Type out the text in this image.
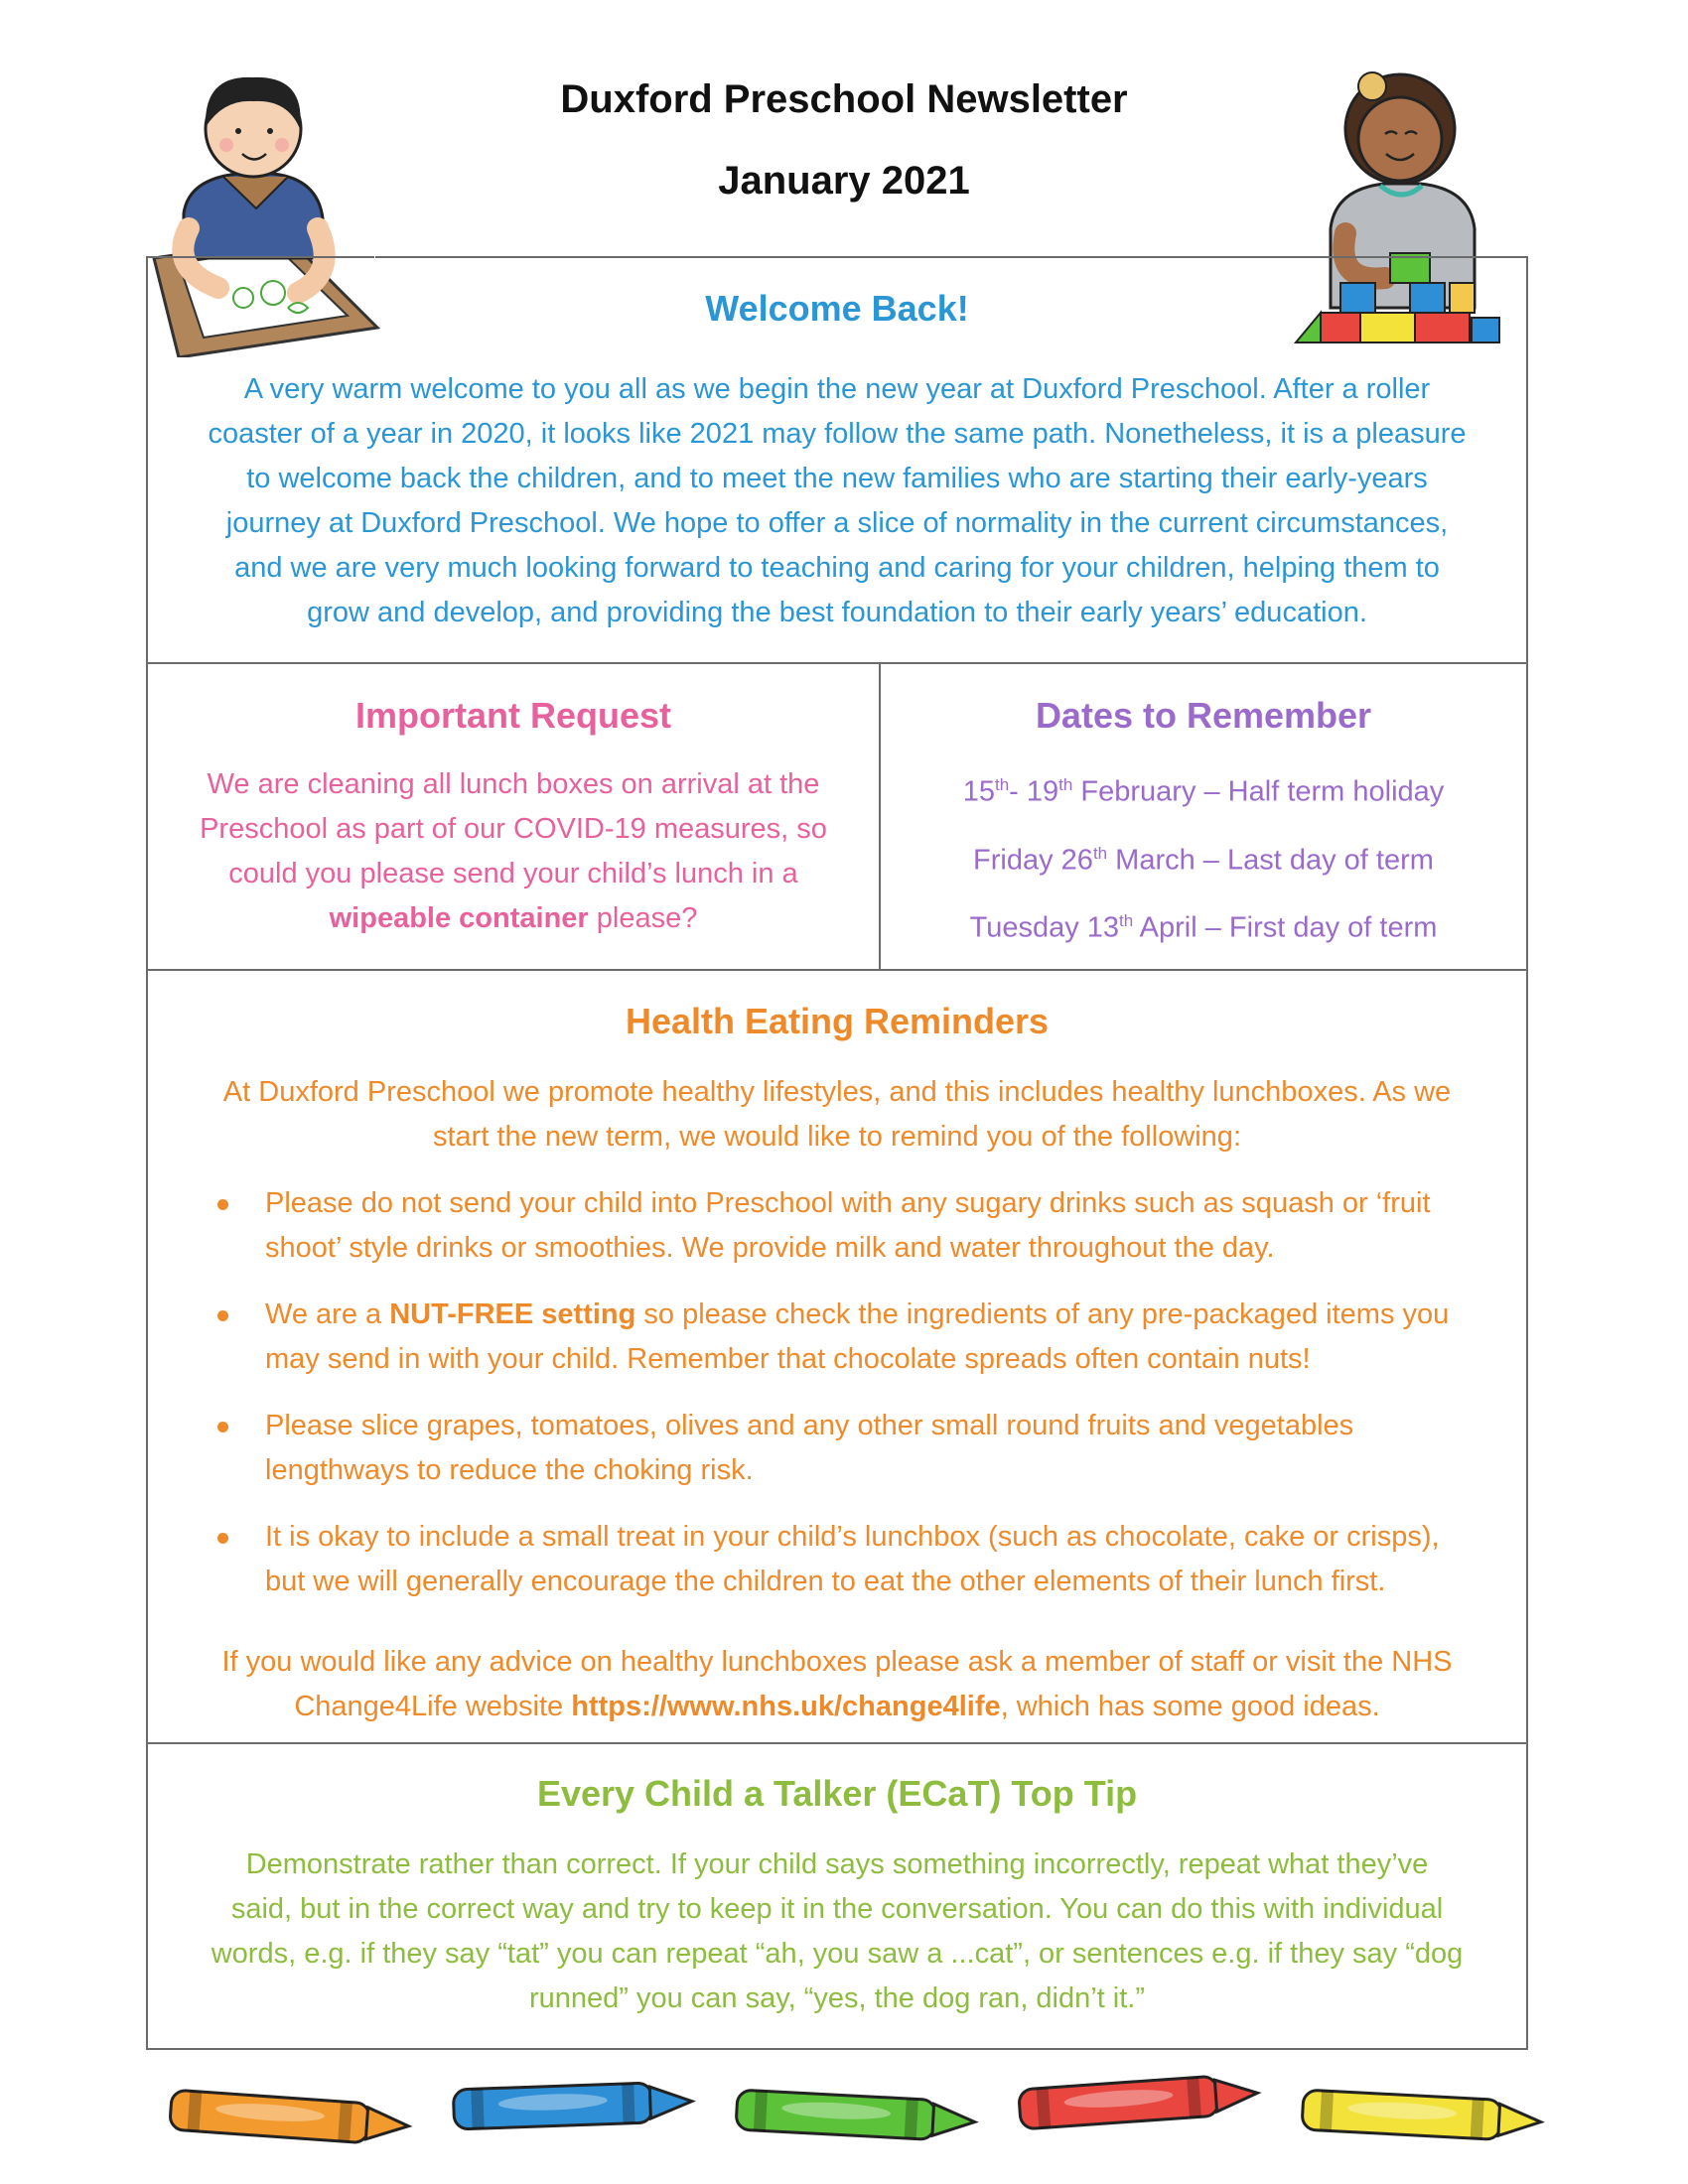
Duxford Preschool Newsletter
January 2021
Welcome Back!
A very warm welcome to you all as we begin the new year at Duxford Preschool. After a roller
coaster of a year in 2020, it looks like 2021 may follow the same path. Nonetheless, it is a pleasure
to welcome back the children, and to meet the new families who are starting their early-years
journey at Duxford Preschool. We hope to offer a slice of normality in the current circumstances,
and we are very much looking forward to teaching and caring for your children, helping them to
grow and develop, and providing the best foundation to their early years’ education.
Important Request
We are cleaning all lunch boxes on arrival at the
Preschool as part of our COVID-19 measures, so
could you please send your child’s lunch in a
wipeable container please?
Dates to Remember
15th- 19th February – Half term holiday
Friday 26th March – Last day of term
Tuesday 13th April – First day of term
Health Eating Reminders
At Duxford Preschool we promote healthy lifestyles, and this includes healthy lunchboxes. As we
start the new term, we would like to remind you of the following:
Please do not send your child into Preschool with any sugary drinks such as squash or ‘fruit
shoot’ style drinks or smoothies. We provide milk and water throughout the day.
We are a NUT-FREE setting so please check the ingredients of any pre-packaged items you
may send in with your child. Remember that chocolate spreads often contain nuts!
Please slice grapes, tomatoes, olives and any other small round fruits and vegetables
lengthways to reduce the choking risk.
It is okay to include a small treat in your child’s lunchbox (such as chocolate, cake or crisps),
but we will generally encourage the children to eat the other elements of their lunch first.
If you would like any advice on healthy lunchboxes please ask a member of staff or visit the NHS
Change4Life website https://www.nhs.uk/change4life, which has some good ideas.
Every Child a Talker (ECaT) Top Tip
Demonstrate rather than correct. If your child says something incorrectly, repeat what they’ve
said, but in the correct way and try to keep it in the conversation. You can do this with individual
words, e.g. if they say “tat” you can repeat “ah, you saw a ...cat”, or sentences e.g. if they say “dog
runned” you can say, “yes, the dog ran, didn’t it.”
